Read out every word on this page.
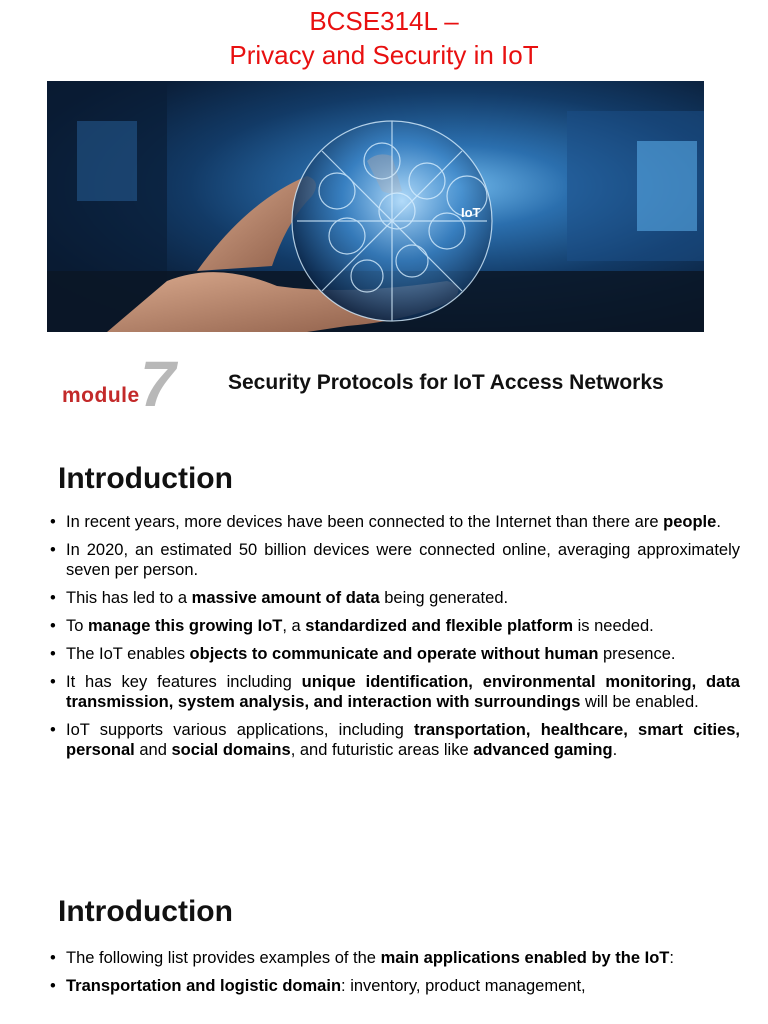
BCSE314L –
Privacy and Security in IoT
IoT
7
module
Security Protocols for IoT Access Networks
Introduction
• In recent years, more devices have been connected to the Internet than there are people.
• In 2020, an estimated 50 billion devices were connected online, averaging approximately seven per person.
• This has led to a massive amount of data being generated.
• To manage this growing IoT, a standardized and flexible platform is needed.
• The IoT enables objects to communicate and operate without human presence.
• It has key features including unique identification, environmental monitoring, data transmission, system analysis, and interaction with surroundings will be enabled.
• IoT supports various applications, including transportation, healthcare, smart cities, personal and social domains, and futuristic areas like advanced gaming.
Introduction
• The following list provides examples of the main applications enabled by the IoT:
• Transportation and logistic domain: inventory, product management,
